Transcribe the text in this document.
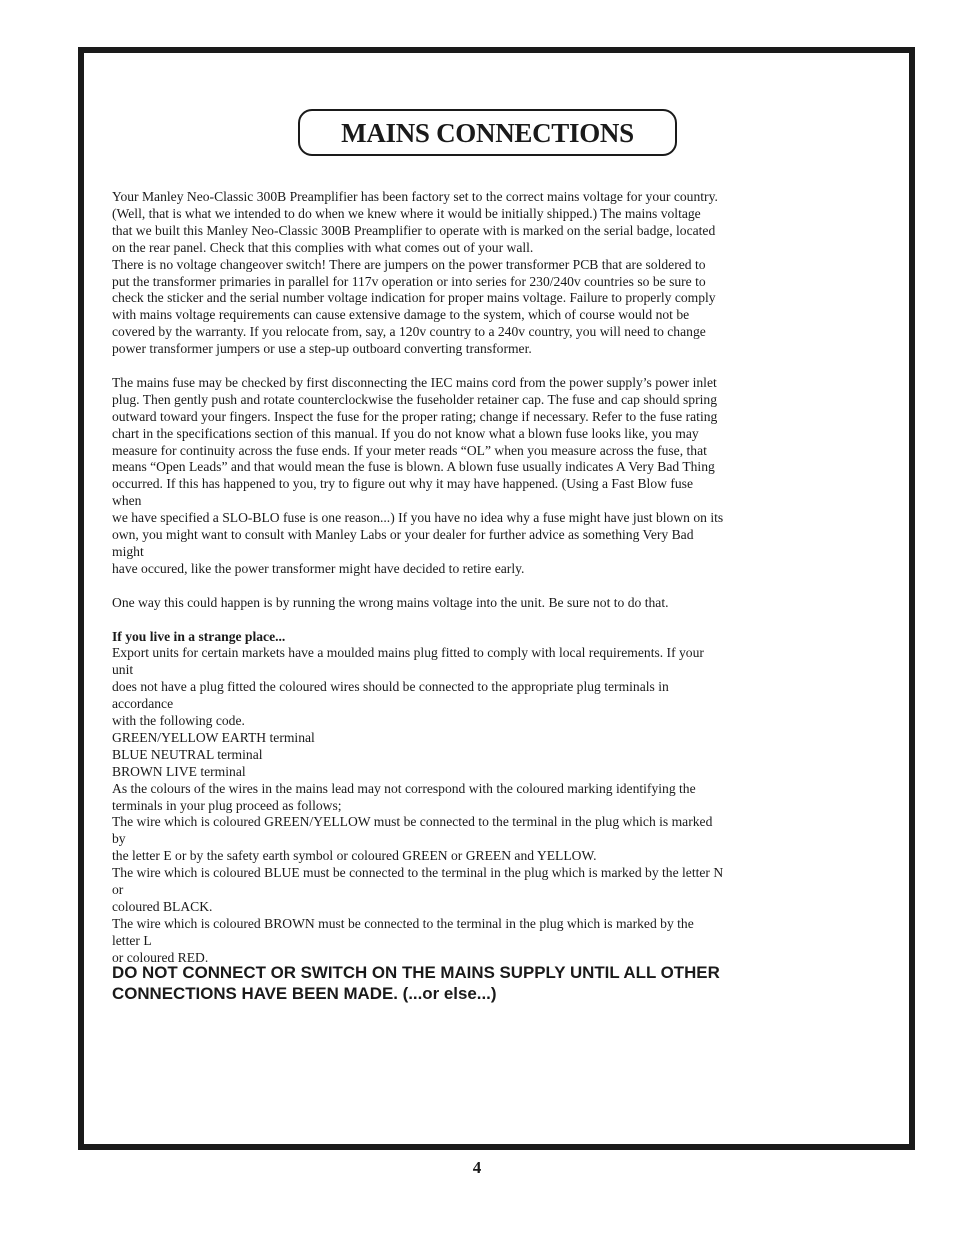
MAINS CONNECTIONS
Your Manley Neo-Classic 300B Preamplifier has been factory set to the correct mains voltage for your country.
(Well, that is what we intended to do when we knew where it would be initially shipped.) The mains voltage
that we built this Manley Neo-Classic 300B Preamplifier to operate with is marked on the serial badge, located
on the rear panel. Check that this complies with what comes out of your wall.
There is no voltage changeover switch! There are jumpers on the power transformer PCB that are soldered to
put the transformer primaries in parallel for 117v operation or into series for 230/240v countries so be sure to
check the sticker and the serial number voltage indication for proper mains voltage. Failure to properly comply
with mains voltage requirements can cause extensive damage to the system, which of course would not be
covered by the warranty. If you relocate from, say, a 120v country to a 240v country, you will need to change
power transformer jumpers or use a step-up outboard converting transformer.
The mains fuse may be checked by first disconnecting the IEC mains cord from the power supply’s power inlet
plug. Then gently push and rotate counterclockwise the fuseholder retainer cap. The fuse and cap should spring
outward toward your fingers. Inspect the fuse for the proper rating; change if necessary. Refer to the fuse rating
chart in the specifications section of this manual. If you do not know what a blown fuse looks like, you may
measure for continuity across the fuse ends. If your meter reads “OL” when you measure across the fuse, that
means “Open Leads” and that would mean the fuse is blown. A blown fuse usually indicates A Very Bad Thing
occurred. If this has happened to you, try to figure out why it may have happened. (Using a Fast Blow fuse
when
we have specified a SLO-BLO fuse is one reason...) If you have no idea why a fuse might have just blown on its
own, you might want to consult with Manley Labs or your dealer for further advice as something Very Bad
might
have occured, like the power transformer might have decided to retire early.
One way this could happen is by running the wrong mains voltage into the unit. Be sure not to do that.
If you live in a strange place...
Export units for certain markets have a moulded mains plug fitted to comply with local requirements. If your
unit
does not have a plug fitted the coloured wires should be connected to the appropriate plug terminals in
accordance
with the following code.
GREEN/YELLOW EARTH terminal
BLUE NEUTRAL terminal
BROWN LIVE terminal
As the colours of the wires in the mains lead may not correspond with the coloured marking identifying the
terminals in your plug proceed as follows;
The wire which is coloured GREEN/YELLOW must be connected to the terminal in the plug which is marked
by
the letter E or by the safety earth symbol or coloured GREEN or GREEN and YELLOW.
The wire which is coloured BLUE must be connected to the terminal in the plug which is marked by the letter N
or
coloured BLACK.
The wire which is coloured BROWN must be connected to the terminal in the plug which is marked by the
letter L
or coloured RED.
DO NOT CONNECT OR SWITCH ON THE MAINS SUPPLY UNTIL ALL OTHER
CONNECTIONS HAVE BEEN MADE. (...or else...)
4
